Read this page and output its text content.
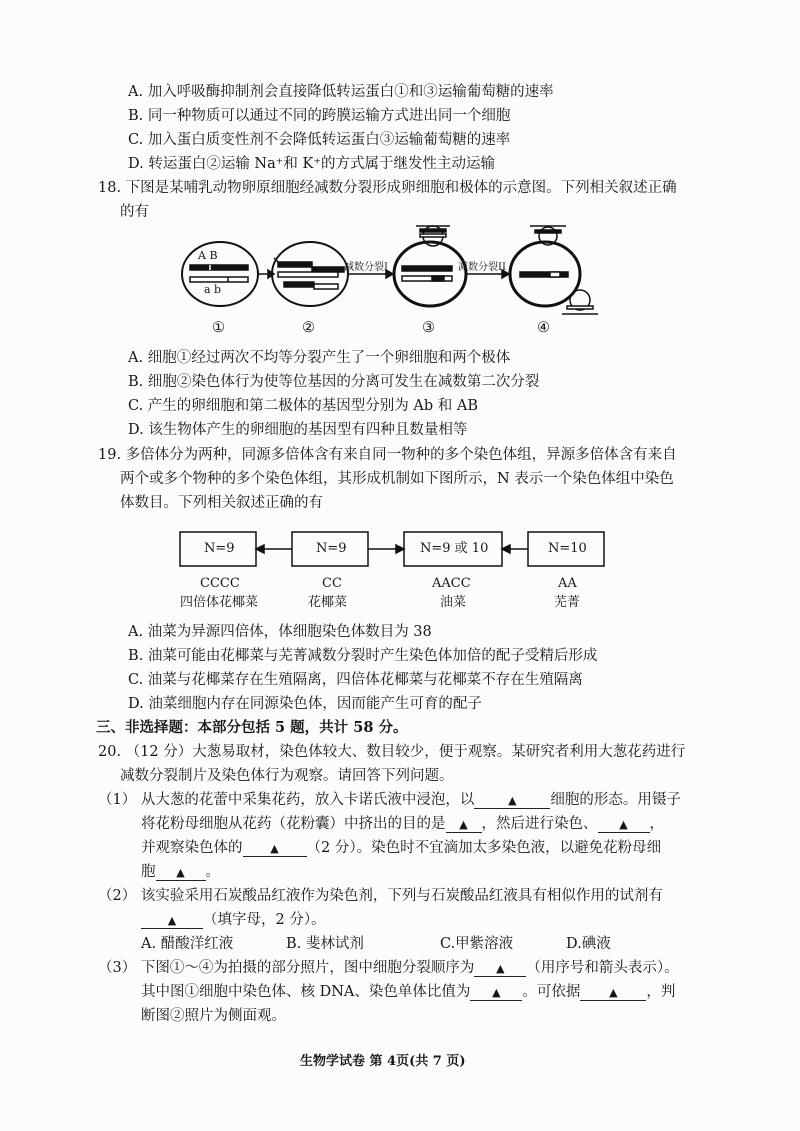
A. 加入呼吸酶抑制剂会直接降低转运蛋白①和③运输葡萄糖的速率
B. 同一种物质可以通过不同的跨膜运输方式进出同一个细胞
C. 加入蛋白质变性剂不会降低转运蛋白③运输葡萄糖的速率
D. 转运蛋白②运输 Na⁺和 K⁺的方式属于继发性主动运输
18. 下图是某哺乳动物卵原细胞经减数分裂形成卵细胞和极体的示意图。下列相关叙述正确
的有
A B
a b
减数分裂I	减数分裂II
①	②	③	④
A. 细胞①经过两次不均等分裂产生了一个卵细胞和两个极体
B. 细胞②染色体行为使等位基因的分离可发生在减数第二次分裂
C. 产生的卵细胞和第二极体的基因型分别为 Ab 和 AB
D. 该生物体产生的卵细胞的基因型有四种且数量相等
19. 多倍体分为两种，同源多倍体含有来自同一物种的多个染色体组，异源多倍体含有来自
两个或多个物种的多个染色体组，其形成机制如下图所示，N 表示一个染色体组中染色
体数目。下列相关叙述正确的有
N=9	N=9	N=9 或 10	N=10
CCCC	CC	AACC	AA
四倍体花椰菜	花椰菜	油菜	芜菁
A. 油菜为异源四倍体，体细胞染色体数目为 38
B. 油菜可能由花椰菜与芜菁减数分裂时产生染色体加倍的配子受精后形成
C. 油菜与花椰菜存在生殖隔离，四倍体花椰菜与花椰菜不存在生殖隔离
D. 油菜细胞内存在同源染色体，因而能产生可育的配子
三、非选择题：本部分包括 5 题，共计 58 分。
20. （12 分）大葱易取材，染色体较大、数目较少，便于观察。某研究者利用大葱花药进行
减数分裂制片及染色体行为观察。请回答下列问题。
（1） 从大葱的花蕾中采集花药，放入卡诺氏液中浸泡，以	▲ 细胞的形态。用镊子
将花粉母细胞从花药（花粉囊）中挤出的目的是 ▲ ，然后进行染色、 ▲ ，
并观察染色体的	▲ （2 分）。染色时不宜滴加太多染色液，以避免花粉母细
胞 ▲ 。
（2） 该实验采用石炭酸品红液作为染色剂，下列与石炭酸品红液具有相似作用的试剂有
▲ （填字母，2 分）。
A. 醋酸洋红液	B. 斐林试剂	C.甲紫溶液	D.碘液
（3） 下图①～④为拍摄的部分照片，图中细胞分裂顺序为 ▲ （用序号和箭头表示）。
其中图①细胞中染色体、核 DNA、染色单体比值为 ▲ 。可依据	▲ ，判
断图②照片为侧面观。
生物学试卷 第 4页(共 7 页)
